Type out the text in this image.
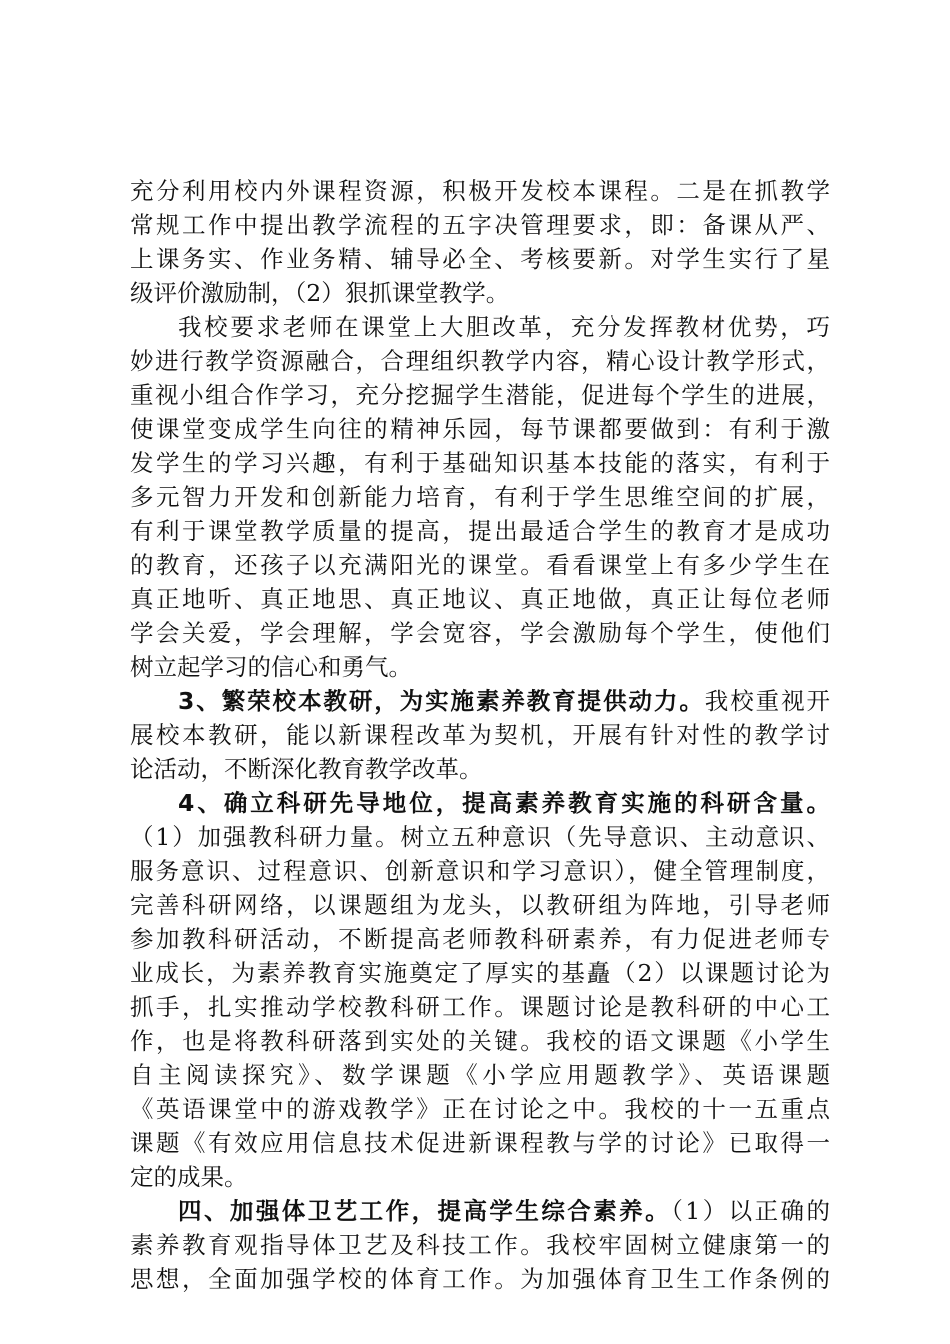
充分利用校内外课程资源，积极开发校本课程。二是在抓教学
常规工作中提出教学流程的五字决管理要求，即：备课从严、
上课务实、作业务精、辅导必全、考核要新。对学生实行了星
级评价激励制，（2）狠抓课堂教学。
我校要求老师在课堂上大胆改革，充分发挥教材优势，巧
妙进行教学资源融合，合理组织教学内容，精心设计教学形式，
重视小组合作学习，充分挖掘学生潜能，促进每个学生的进展，
使课堂变成学生向往的精神乐园，每节课都要做到：有利于激
发学生的学习兴趣，有利于基础知识基本技能的落实，有利于
多元智力开发和创新能力培育，有利于学生思维空间的扩展，
有利于课堂教学质量的提高，提出最适合学生的教育才是成功
的教育，还孩子以充满阳光的课堂。看看课堂上有多少学生在
真正地听、真正地思、真正地议、真正地做，真正让每位老师
学会关爱，学会理解，学会宽容，学会激励每个学生，使他们
树立起学习的信心和勇气。
3、繁荣校本教研，为实施素养教育提供动力。我校重视开
展校本教研，能以新课程改革为契机，开展有针对性的教学讨
论活动，不断深化教育教学改革。
4、确立科研先导地位，提高素养教育实施的科研含量。
（1）加强教科研力量。树立五种意识（先导意识、主动意识、
服务意识、过程意识、创新意识和学习意识），健全管理制度，
完善科研网络，以课题组为龙头，以教研组为阵地，引导老师
参加教科研活动，不断提高老师教科研素养，有力促进老师专
业成长，为素养教育实施奠定了厚实的基矗（2）以课题讨论为
抓手，扎实推动学校教科研工作。课题讨论是教科研的中心工
作，也是将教科研落到实处的关键。我校的语文课题《小学生
自主阅读探究》、数学课题《小学应用题教学》、英语课题
《英语课堂中的游戏教学》正在讨论之中。我校的十一五重点
课题《有效应用信息技术促进新课程教与学的讨论》已取得一
定的成果。
四、加强体卫艺工作，提高学生综合素养。（1）以正确的
素养教育观指导体卫艺及科技工作。我校牢固树立健康第一的
思想，全面加强学校的体育工作。为加强体育卫生工作条例的
